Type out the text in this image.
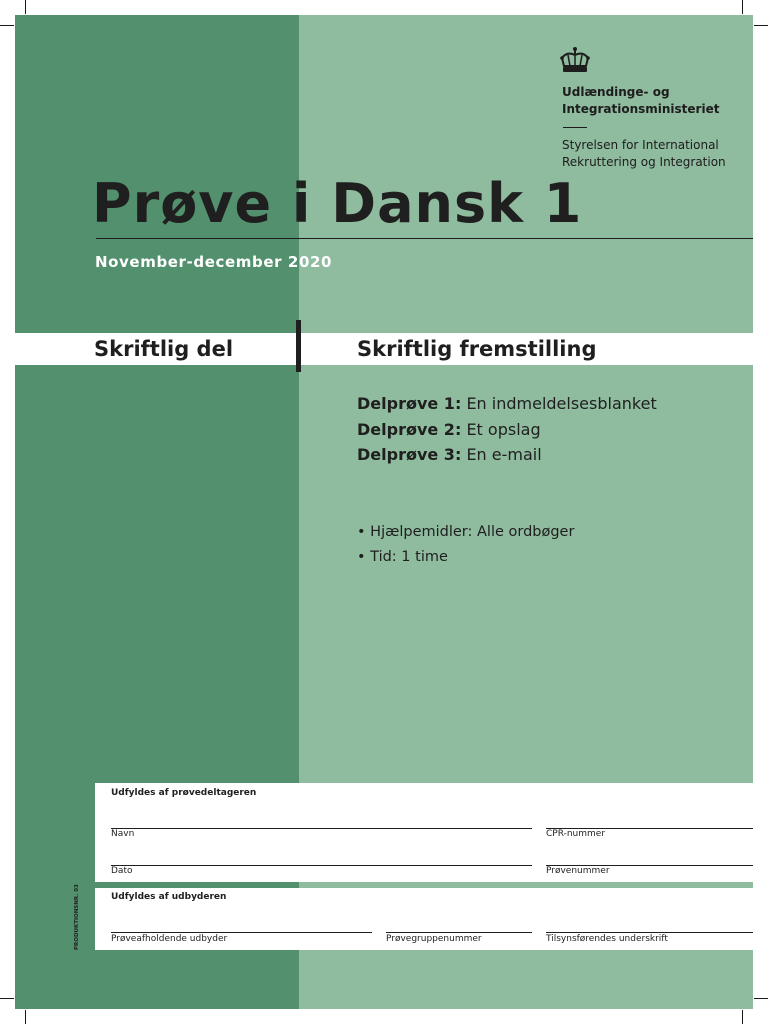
Udlændinge- og
Integrationsministeriet
Styrelsen for International
Rekruttering og Integration
Prøve i Dansk 1
November-december 2020
Skriftlig del	Skriftlig fremstilling
Delprøve 1: En indmeldelsesblanket
Delprøve 2: Et opslag
Delprøve 3: En e-mail
• Hjælpemidler: Alle ordbøger
• Tid: 1 time
Udfyldes af prøvedeltageren
Navn	CPR-nummer
Dato	Prøvenummer
Udfyldes af udbyderen
Prøveafholdende udbyder	Prøvegruppenummer	Tilsynsførendes underskrift
PRODUKTIONSNR. 03
